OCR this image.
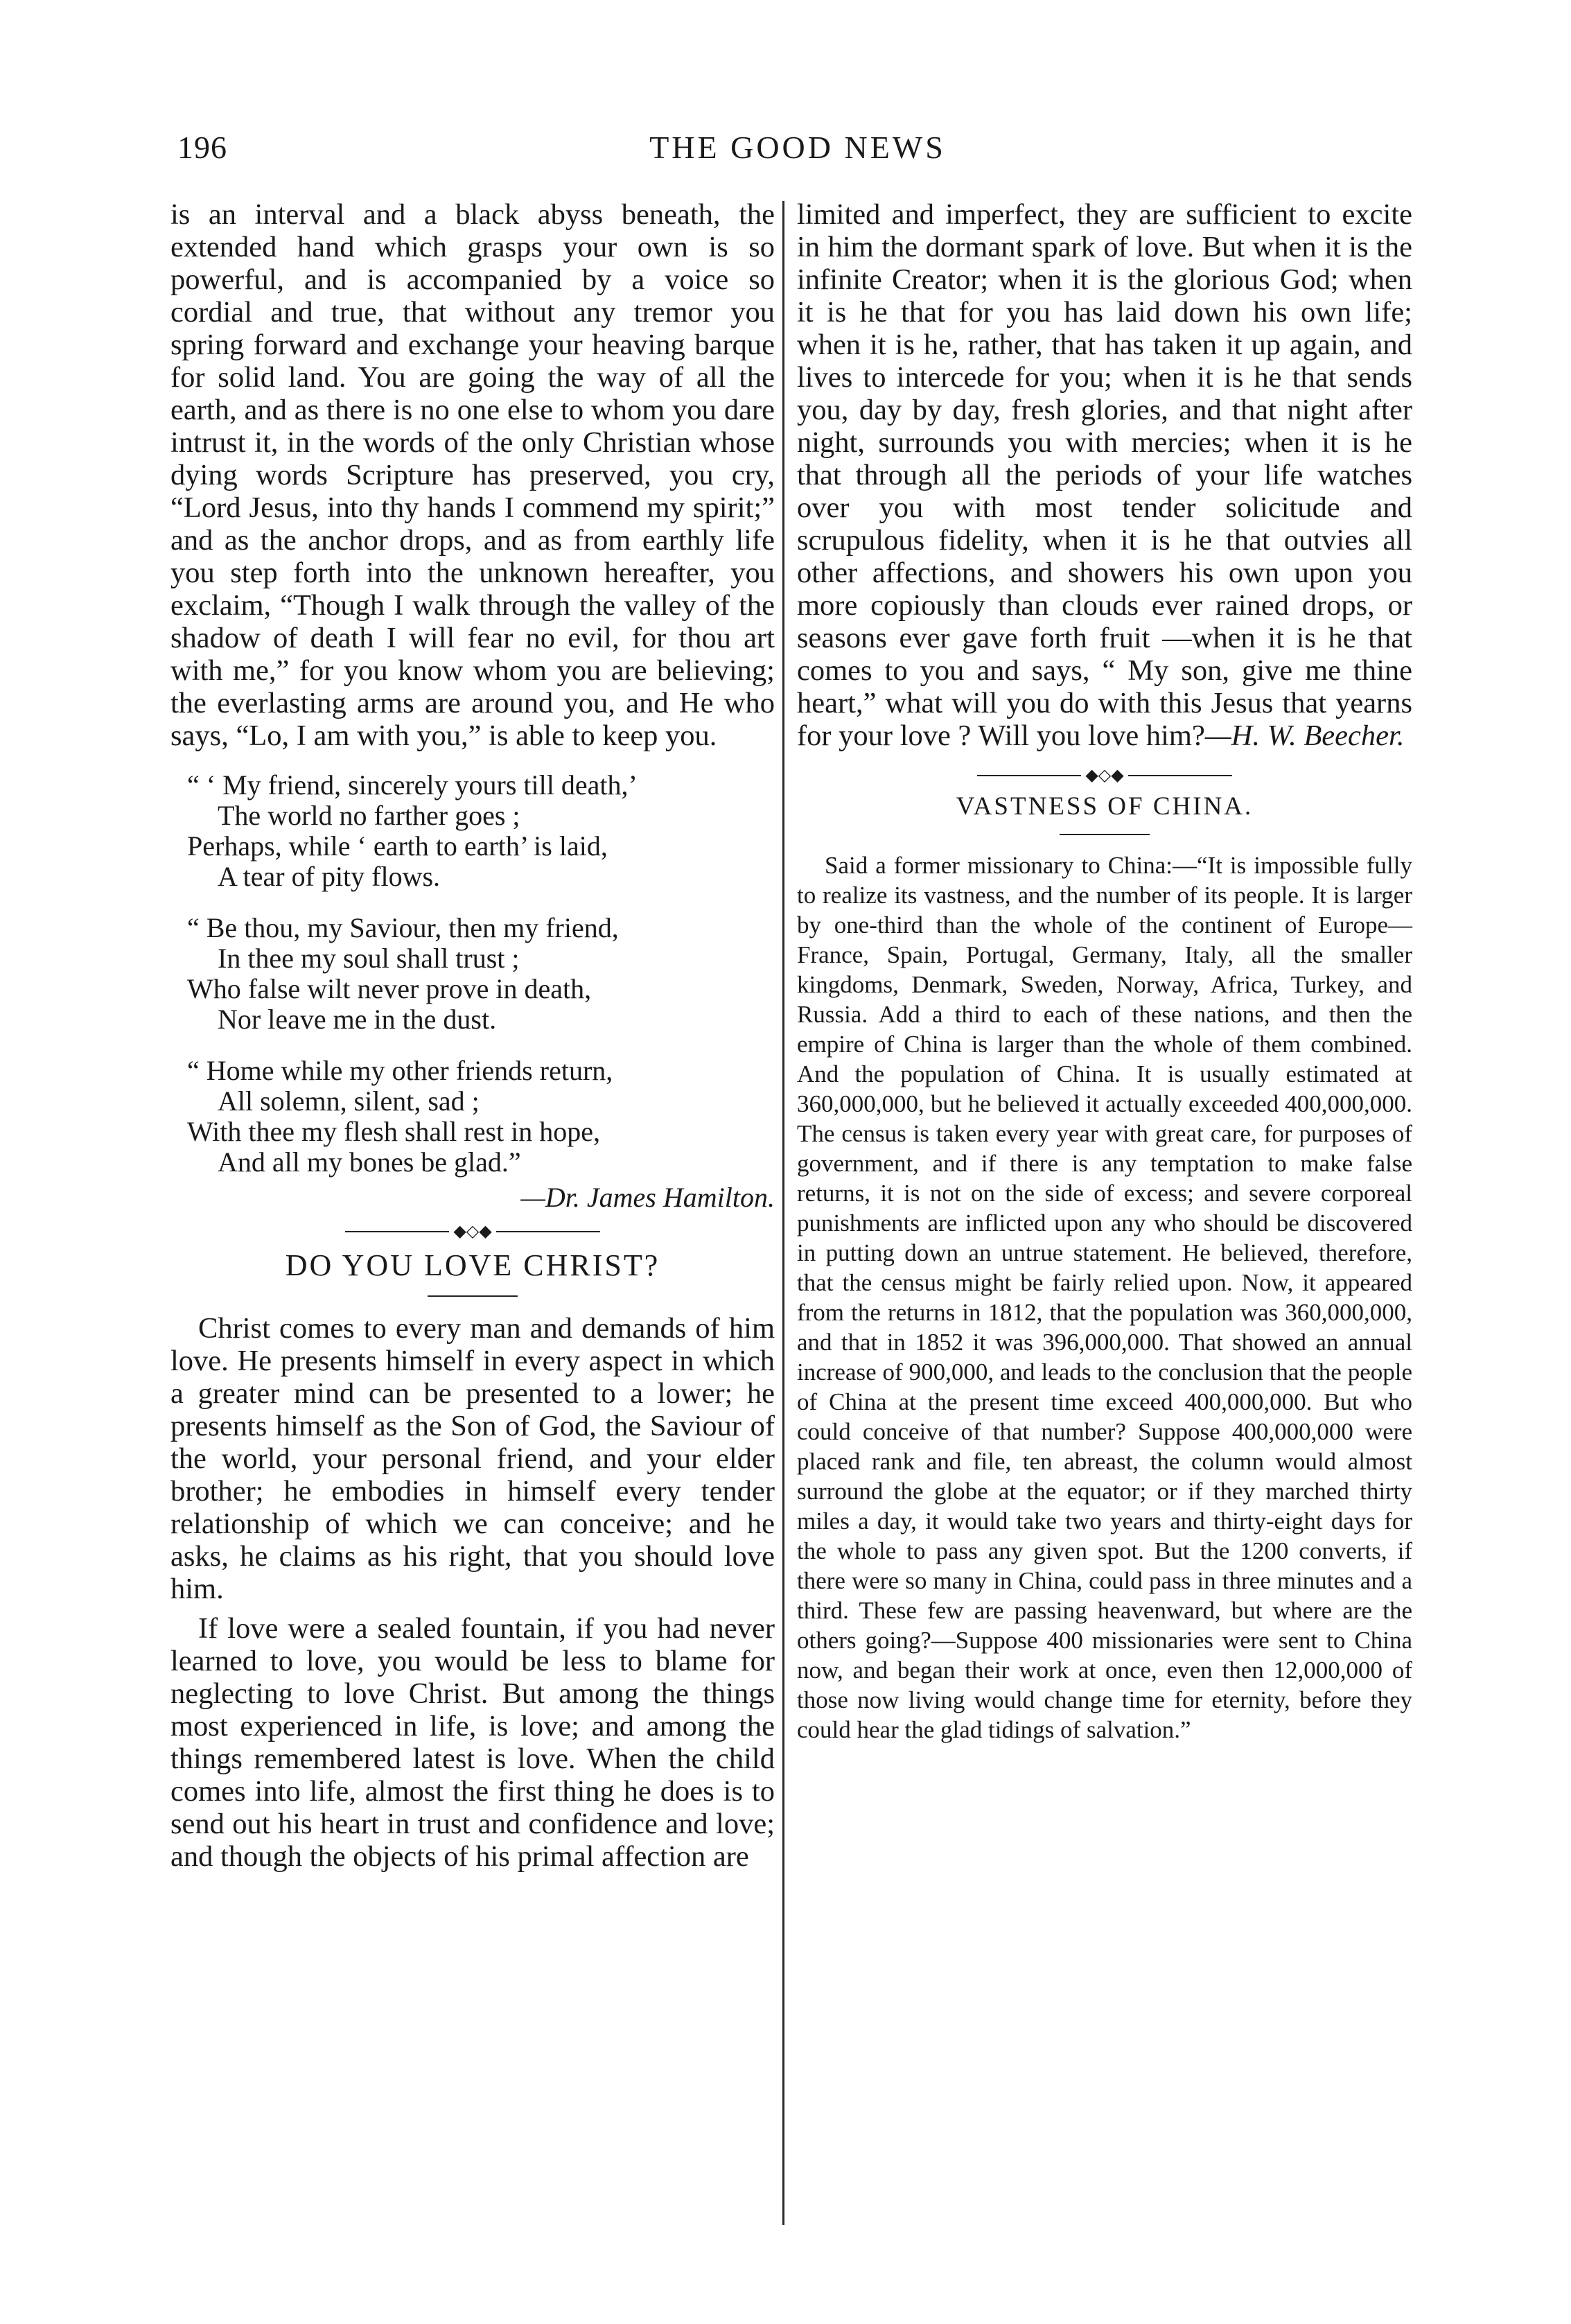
196	THE GOOD NEWS

is an interval and a black abyss beneath, the extended hand which grasps your own is so powerful, and is accompanied by a voice so cordial and true, that without any tremor you spring forward and exchange your heaving barque for solid land. You are going the way of all the earth, and as there is no one else to whom you dare intrust it, in the words of the only Christian whose dying words Scripture has preserved, you cry, “Lord Jesus, into thy hands I commend my spirit;” and as the anchor drops, and as from earthly life you step forth into the unknown hereafter, you exclaim, “Though I walk through the valley of the shadow of death I will fear no evil, for thou art with me,” for you know whom you are believing; the everlasting arms are around you, and He who says, “Lo, I am with you,” is able to keep you.

“ ‘ My friend, sincerely yours till death,’
The world no farther goes ;
Perhaps, while ‘ earth to earth’ is laid,
A tear of pity flows.
“ Be thou, my Saviour, then my friend,
In thee my soul shall trust ;
Who false wilt never prove in death,
Nor leave me in the dust.
“ Home while my other friends return,
All solemn, silent, sad ;
With thee my flesh shall rest in hope,
And all my bones be glad.”
—Dr. James Hamilton.
◆◇◆
DO YOU LOVE CHRIST?

Christ comes to every man and demands of him love. He presents himself in every aspect in which a greater mind can be presented to a lower; he presents himself as the Son of God, the Saviour of the world, your personal friend, and your elder brother; he embodies in himself every tender relationship of which we can conceive; and he asks, he claims as his right, that you should love him.

If love were a sealed fountain, if you had never learned to love, you would be less to blame for neglecting to love Christ. But among the things most experienced in life, is love; and among the things remembered latest is love. When the child comes into life, almost the first thing he does is to send out his heart in trust and confidence and love; and though the objects of his primal affection are

limited and imperfect, they are sufficient to excite in him the dormant spark of love. But when it is the infinite Creator; when it is the glorious God; when it is he that for you has laid down his own life; when it is he, rather, that has taken it up again, and lives to intercede for you; when it is he that sends you, day by day, fresh glories, and that night after night, surrounds you with mercies; when it is he that through all the periods of your life watches over you with most tender solicitude and scrupulous fidelity, when it is he that outvies all other affections, and showers his own upon you more copiously than clouds ever rained drops, or seasons ever gave forth fruit —when it is he that comes to you and says, “ My son, give me thine heart,” what will you do with this Jesus that yearns for your love ? Will you love him?—H. W. Beecher.

◆◇◆
VASTNESS OF CHINA.

Said a former missionary to China:—“It is impossible fully to realize its vastness, and the number of its people. It is larger by one-third than the whole of the continent of Europe—France, Spain, Portugal, Germany, Italy, all the smaller kingdoms, Denmark, Sweden, Norway, Africa, Turkey, and Russia. Add a third to each of these nations, and then the empire of China is larger than the whole of them combined. And the population of China. It is usually estimated at 360,000,000, but he believed it actually exceeded 400,000,000. The census is taken every year with great care, for purposes of government, and if there is any temptation to make false returns, it is not on the side of excess; and severe corporeal punishments are inflicted upon any who should be discovered in putting down an untrue statement. He believed, therefore, that the census might be fairly relied upon. Now, it appeared from the returns in 1812, that the population was 360,000,000, and that in 1852 it was 396,000,000. That showed an annual increase of 900,000, and leads to the conclusion that the people of China at the present time exceed 400,000,000. But who could conceive of that number? Suppose 400,000,000 were placed rank and file, ten abreast, the column would almost surround the globe at the equator; or if they marched thirty miles a day, it would take two years and thirty-eight days for the whole to pass any given spot. But the 1200 converts, if there were so many in China, could pass in three minutes and a third. These few are passing heavenward, but where are the others going?—Suppose 400 missionaries were sent to China now, and began their work at once, even then 12,000,000 of those now living would change time for eternity, before they could hear the glad tidings of salvation.”
